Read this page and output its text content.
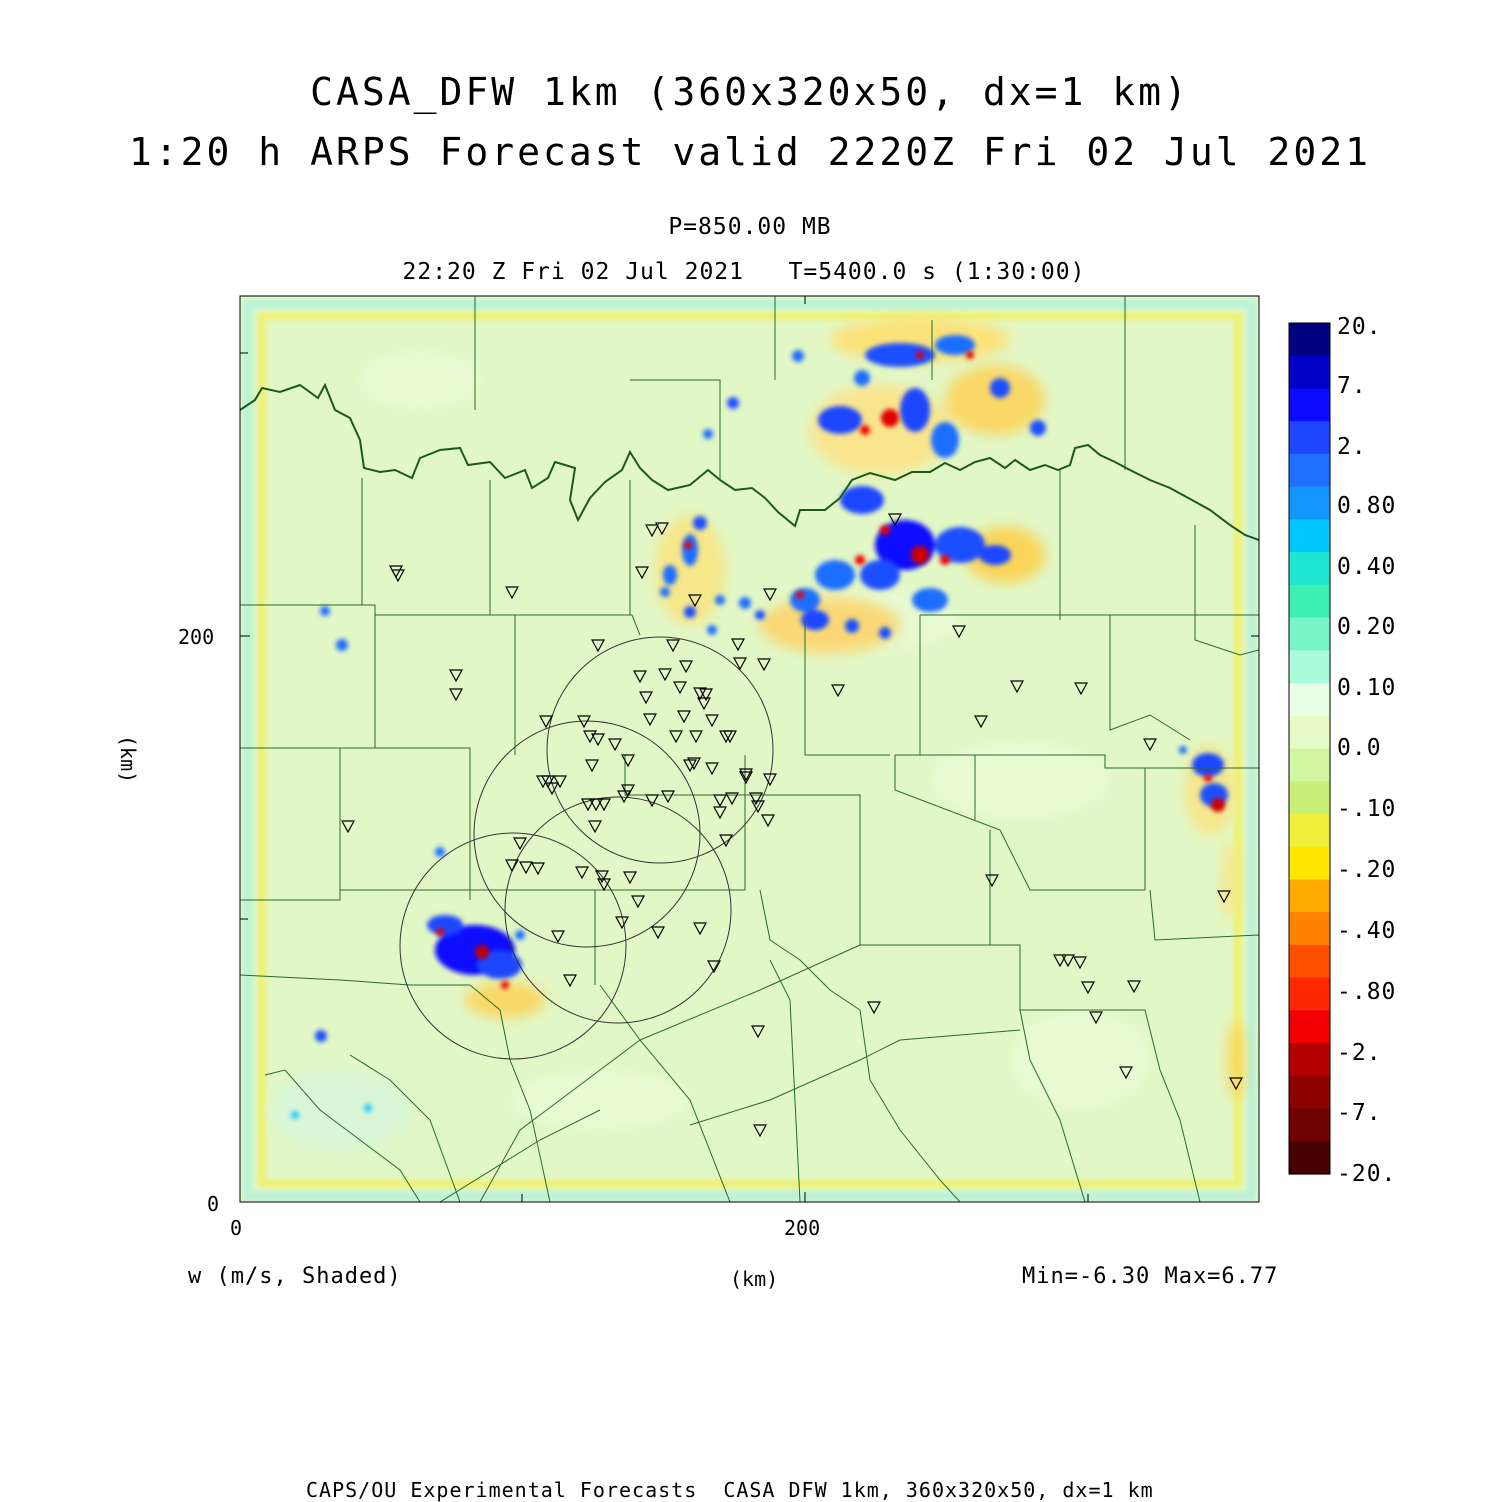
CASA_DFW 1km (360x320x50, dx=1 km)
1:20 h ARPS Forecast valid 2220Z Fri 02 Jul 2021
P=850.00 MB
22:20 Z Fri 02 Jul 2021   T=5400.0 s (1:30:00)
200
0
0	200
(km)
(km)
w (m/s, Shaded)	Min=-6.30 Max=6.77
CAPS/OU Experimental Forecasts  CASA DFW 1km, 360x320x50, dx=1 km
20.
7.
2.
0.80
0.40
0.20
0.10
0.0
-.10
-.20
-.40
-.80
-2.
-7.
-20.
